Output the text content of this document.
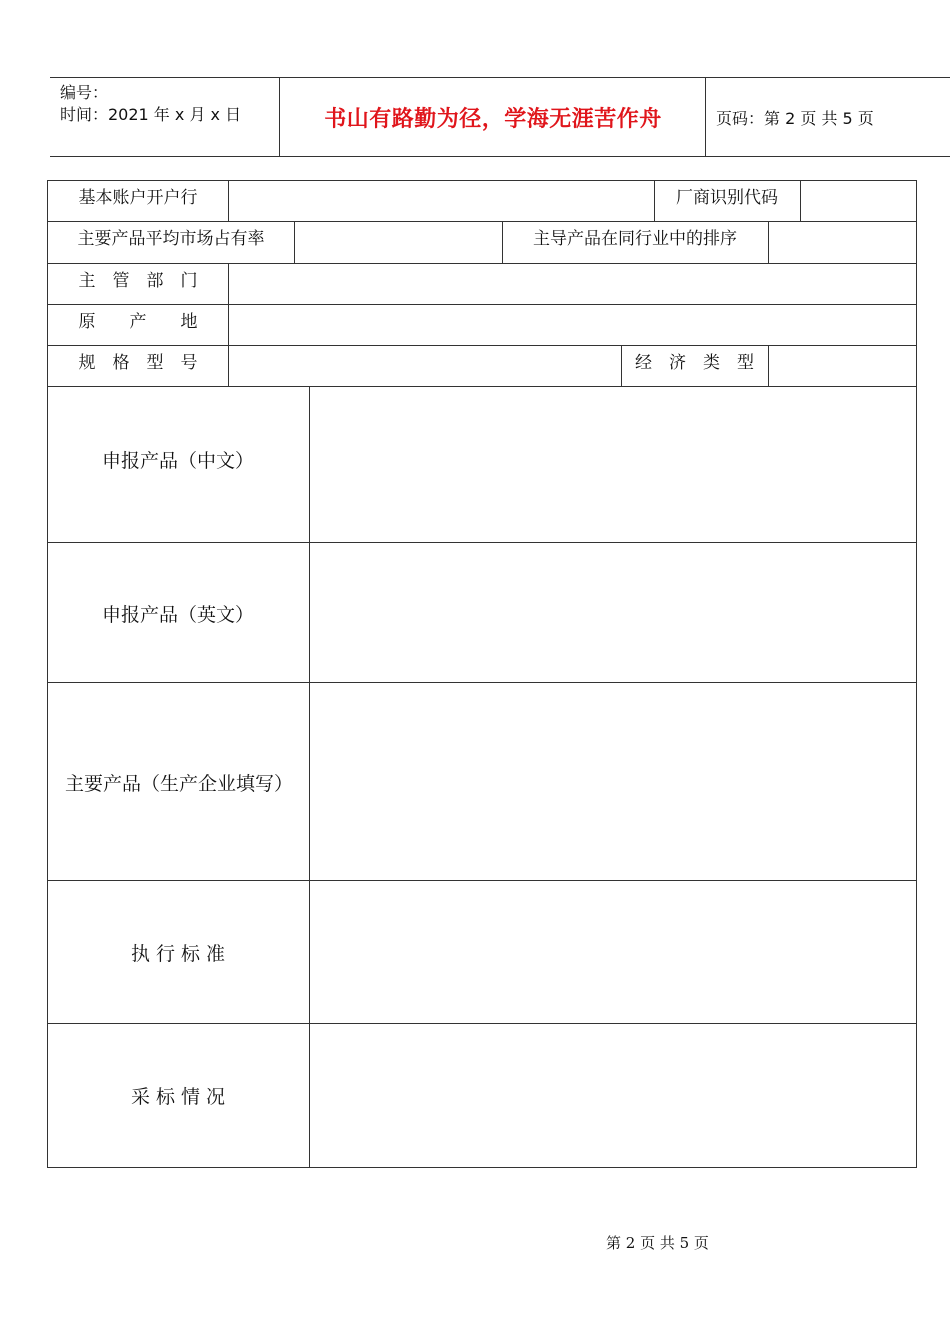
编号：
时间：2021 年 x 月 x 日	书山有路勤为径，学海无涯苦作舟	页码：第 2 页 共 5 页
基本账户开户行	厂商识别代码
主要产品平均市场占有率	主导产品在同行业中的排序
主　管　部　门
原　　产　　地
规　格　型　号	经　济　类　型
申报产品（中文）
申报产品（英文）
主要产品（生产企业填写）
执 行 标 准
采 标 情 况
第 2 页 共 5 页
